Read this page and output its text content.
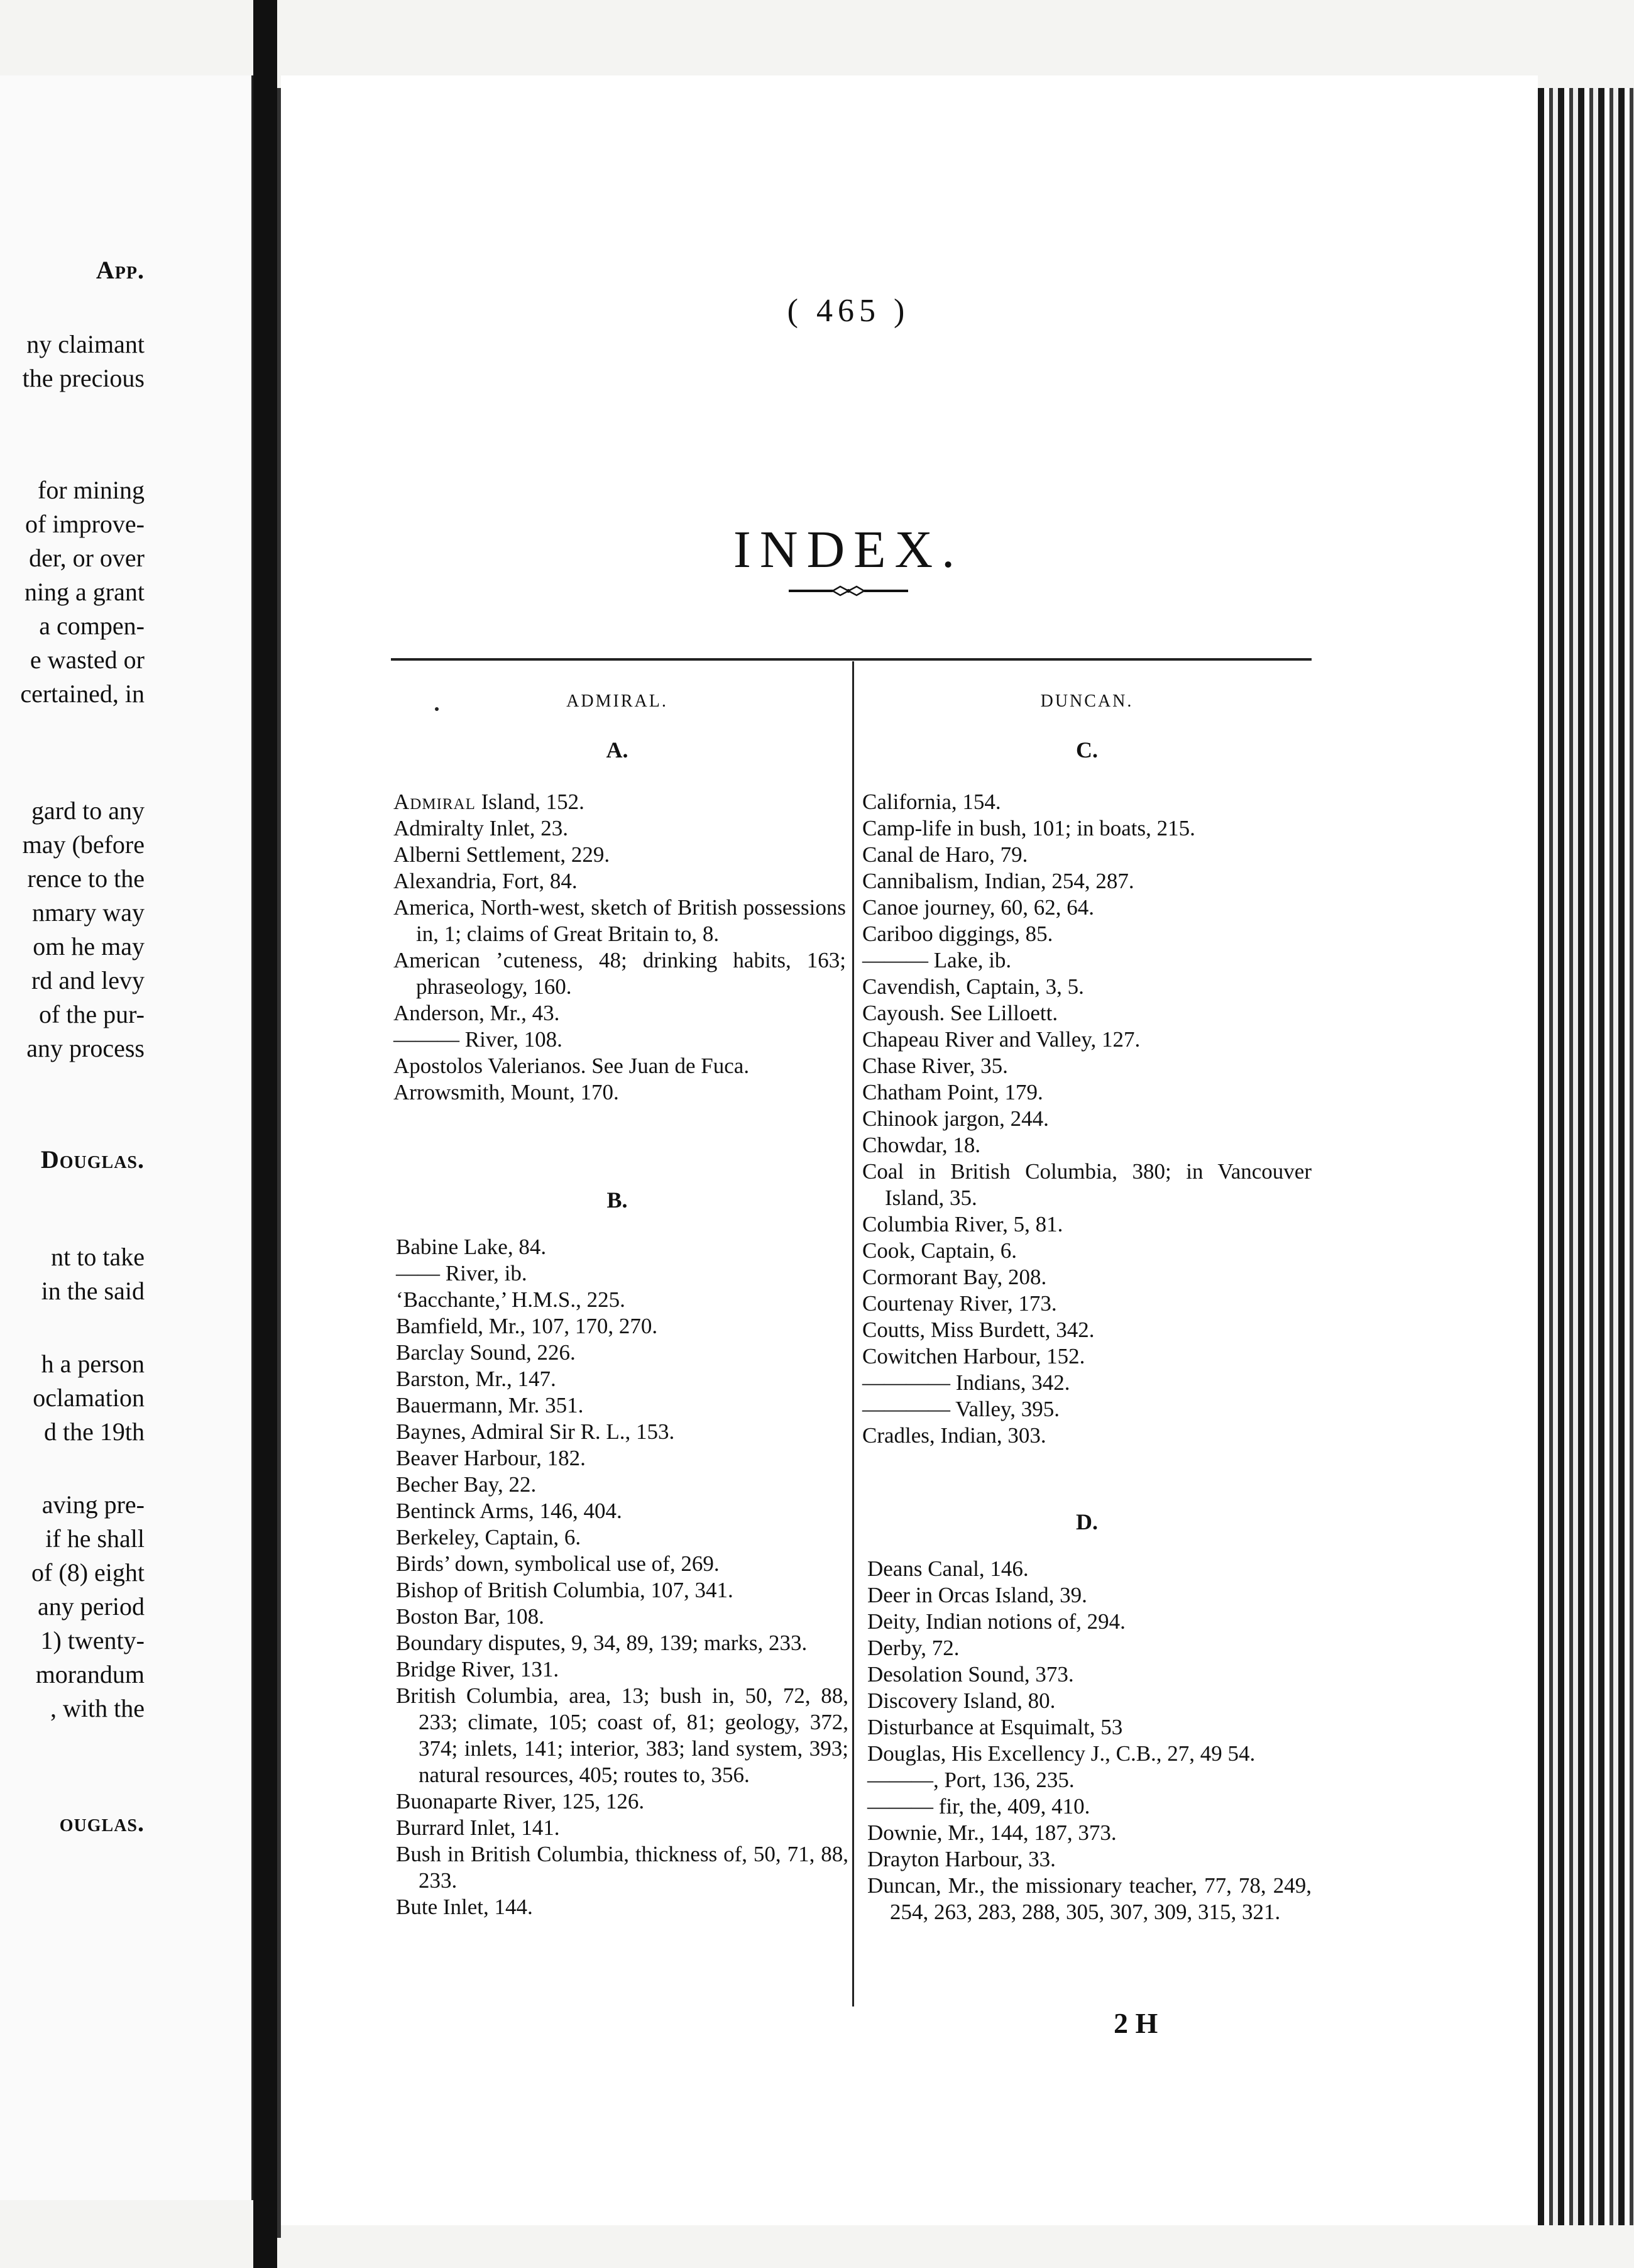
App.
ny claimant
the precious
for mining
of improve-
der, or over
ning a grant
a compen-
e wasted or
certained, in
gard to any
may (before
rence to the
nmary way
om he may
rd and levy
of the pur-
any process
Douglas.
nt to take
in the said
h a person
oclamation
d the 19th
aving pre-
if he shall
of (8) eight
any period
1) twenty-
morandum
, with the
ouglas.
( 465 )
INDEX.
ADMIRAL.	DUNCAN.
A.

Admiral Island, 152.

Admiralty Inlet, 23.

Alberni Settlement, 229.

Alexandria, Fort, 84.

America, North-west, sketch of British possessions in, 1; claims of Great Britain to, 8.

American ’cuteness, 48; drinking habits, 163; phraseology, 160.

Anderson, Mr., 43.

——— River, 108.

Apostolos Valerianos. See Juan de Fuca.

Arrowsmith, Mount, 170.

B.

Babine Lake, 84.

—— River, ib.

‘Bacchante,’ H.M.S., 225.

Bamfield, Mr., 107, 170, 270.

Barclay Sound, 226.

Barston, Mr., 147.

Bauermann, Mr. 351.

Baynes, Admiral Sir R. L., 153.

Beaver Harbour, 182.

Becher Bay, 22.

Bentinck Arms, 146, 404.

Berkeley, Captain, 6.

Birds’ down, symbolical use of, 269.

Bishop of British Columbia, 107, 341.

Boston Bar, 108.

Boundary disputes, 9, 34, 89, 139; marks, 233.

Bridge River, 131.

British Columbia, area, 13; bush in, 50, 72, 88, 233; climate, 105; coast of, 81; geology, 372, 374; inlets, 141; interior, 383; land system, 393; natural resources, 405; routes to, 356.

Buonaparte River, 125, 126.

Burrard Inlet, 141.

Bush in British Columbia, thickness of, 50, 71, 88, 233.

Bute Inlet, 144.

C.

California, 154.

Camp-life in bush, 101; in boats, 215.

Canal de Haro, 79.

Cannibalism, Indian, 254, 287.

Canoe journey, 60, 62, 64.

Cariboo diggings, 85.

——— Lake, ib.

Cavendish, Captain, 3, 5.

Cayoush. See Lilloett.

Chapeau River and Valley, 127.

Chase River, 35.

Chatham Point, 179.

Chinook jargon, 244.

Chowdar, 18.

Coal in British Columbia, 380; in Vancouver Island, 35.

Columbia River, 5, 81.

Cook, Captain, 6.

Cormorant Bay, 208.

Courtenay River, 173.

Coutts, Miss Burdett, 342.

Cowitchen Harbour, 152.

———— Indians, 342.

———— Valley, 395.

Cradles, Indian, 303.

D.

Deans Canal, 146.

Deer in Orcas Island, 39.

Deity, Indian notions of, 294.

Derby, 72.

Desolation Sound, 373.

Discovery Island, 80.

Disturbance at Esquimalt, 53

Douglas, His Excellency J., C.B., 27, 49 54.

———, Port, 136, 235.

——— fir, the, 409, 410.

Downie, Mr., 144, 187, 373.

Drayton Harbour, 33.

Duncan, Mr., the missionary teacher, 77, 78, 249, 254, 263, 283, 288, 305, 307, 309, 315, 321.

2 H
